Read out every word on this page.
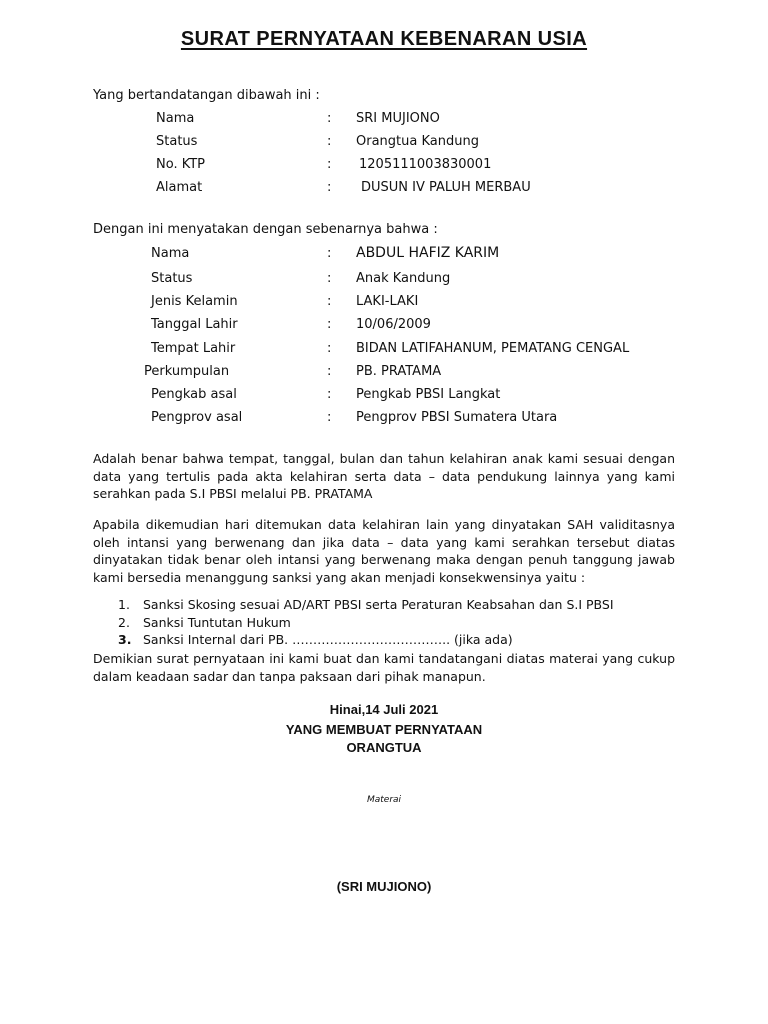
SURAT PERNYATAAN KEBENARAN USIA
Yang bertandatangan dibawah ini :
Nama	: SRI MUJIONO
Status	: Orangtua Kandung
No. KTP	: 1205111003830001
Alamat	: DUSUN IV PALUH MERBAU
Dengan ini menyatakan dengan sebenarnya bahwa :
Nama	: ABDUL HAFIZ KARIM
Status	: Anak Kandung
Jenis Kelamin	: LAKI-LAKI
Tanggal Lahir	: 10/06/2009
Tempat Lahir	: BIDAN LATIFAHANUM, PEMATANG CENGAL
Perkumpulan	: PB. PRATAMA
Pengkab asal	: Pengkab PBSI Langkat
Pengprov asal	: Pengprov PBSI Sumatera Utara
Adalah benar bahwa tempat, tanggal, bulan dan tahun kelahiran anak kami sesuai dengan data yang tertulis pada akta kelahiran serta data – data pendukung lainnya yang kami serahkan pada S.I PBSI melalui PB. PRATAMA
Apabila dikemudian hari ditemukan data kelahiran lain yang dinyatakan SAH validitasnya oleh intansi yang berwenang dan jika data – data yang kami serahkan tersebut diatas dinyatakan tidak benar oleh intansi yang berwenang maka dengan penuh tanggung jawab kami bersedia menanggung sanksi yang akan menjadi konsekwensinya yaitu :
1. Sanksi Skosing sesuai AD/ART PBSI serta Peraturan Keabsahan dan S.I PBSI
2. Sanksi Tuntutan Hukum
3. Sanksi Internal dari PB. ……………………………….. (jika ada)
Demikian surat pernyataan ini kami buat dan kami tandatangani diatas materai yang cukup dalam keadaan sadar dan tanpa paksaan dari pihak manapun.
Hinai,14 Juli 2021
YANG MEMBUAT PERNYATAAN
ORANGTUA
Materai
(SRI MUJIONO)
